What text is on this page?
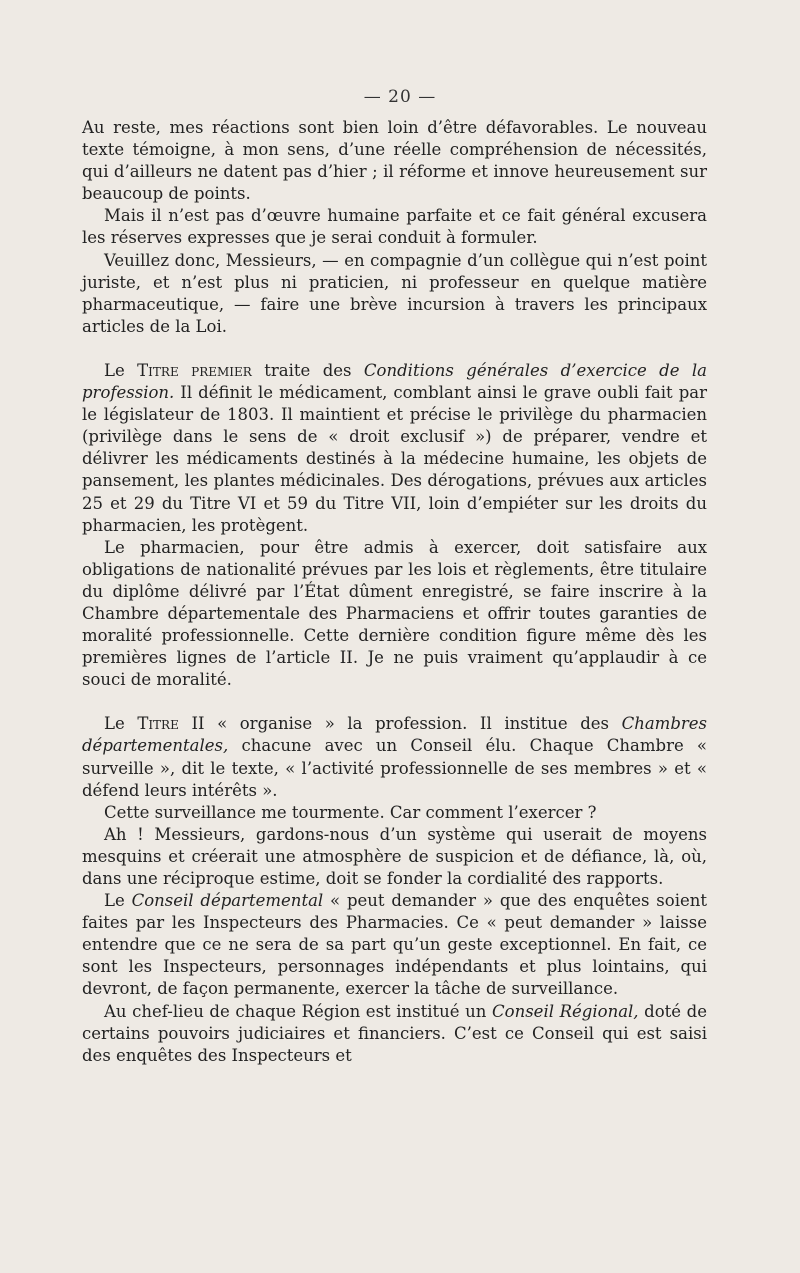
— 20 —

Au reste, mes réactions sont bien loin d’être défavorables. Le nouveau texte témoigne, à mon sens, d’une réelle compréhension de nécessités, qui d’ailleurs ne datent pas d’hier ; il réforme et innove heureusement sur beaucoup de points.

Mais il n’est pas d’œuvre humaine parfaite et ce fait général excusera les réserves expresses que je serai conduit à formuler.

Veuillez donc, Messieurs, — en compagnie d’un collègue qui n’est point juriste, et n’est plus ni praticien, ni professeur en quelque matière pharmaceutique, — faire une brève incursion à travers les principaux articles de la Loi.

Le Titre premier traite des Conditions générales d’exercice de la profession. Il définit le médicament, comblant ainsi le grave oubli fait par le législateur de 1803. Il maintient et précise le privilège du pharmacien (privilège dans le sens de « droit exclusif ») de préparer, vendre et délivrer les médicaments destinés à la médecine humaine, les objets de pansement, les plantes médicinales. Des dérogations, prévues aux articles 25 et 29 du Titre VI et 59 du Titre VII, loin d’empiéter sur les droits du pharmacien, les protègent.

Le pharmacien, pour être admis à exercer, doit satisfaire aux obligations de nationalité prévues par les lois et règlements, être titulaire du diplôme délivré par l’État dûment enregistré, se faire inscrire à la Chambre départementale des Pharmaciens et offrir toutes garanties de moralité professionnelle. Cette dernière condition figure même dès les premières lignes de l’article II. Je ne puis vraiment qu’applaudir à ce souci de moralité.

Le Titre II « organise » la profession. Il institue des Chambres départementales, chacune avec un Conseil élu. Chaque Chambre « surveille », dit le texte, « l’activité professionnelle de ses membres » et « défend leurs intérêts ».

Cette surveillance me tourmente. Car comment l’exercer ?

Ah ! Messieurs, gardons-nous d’un système qui userait de moyens mesquins et créerait une atmosphère de suspicion et de défiance, là, où, dans une réciproque estime, doit se fonder la cordialité des rapports.

Le Conseil départemental « peut demander » que des enquêtes soient faites par les Inspecteurs des Pharmacies. Ce « peut demander » laisse entendre que ce ne sera de sa part qu’un geste exceptionnel. En fait, ce sont les Inspecteurs, personnages indépendants et plus lointains, qui devront, de façon permanente, exercer la tâche de surveillance.

Au chef-lieu de chaque Région est institué un Conseil Régional, doté de certains pouvoirs judiciaires et financiers. C’est ce Conseil qui est saisi des enquêtes des Inspecteurs et
